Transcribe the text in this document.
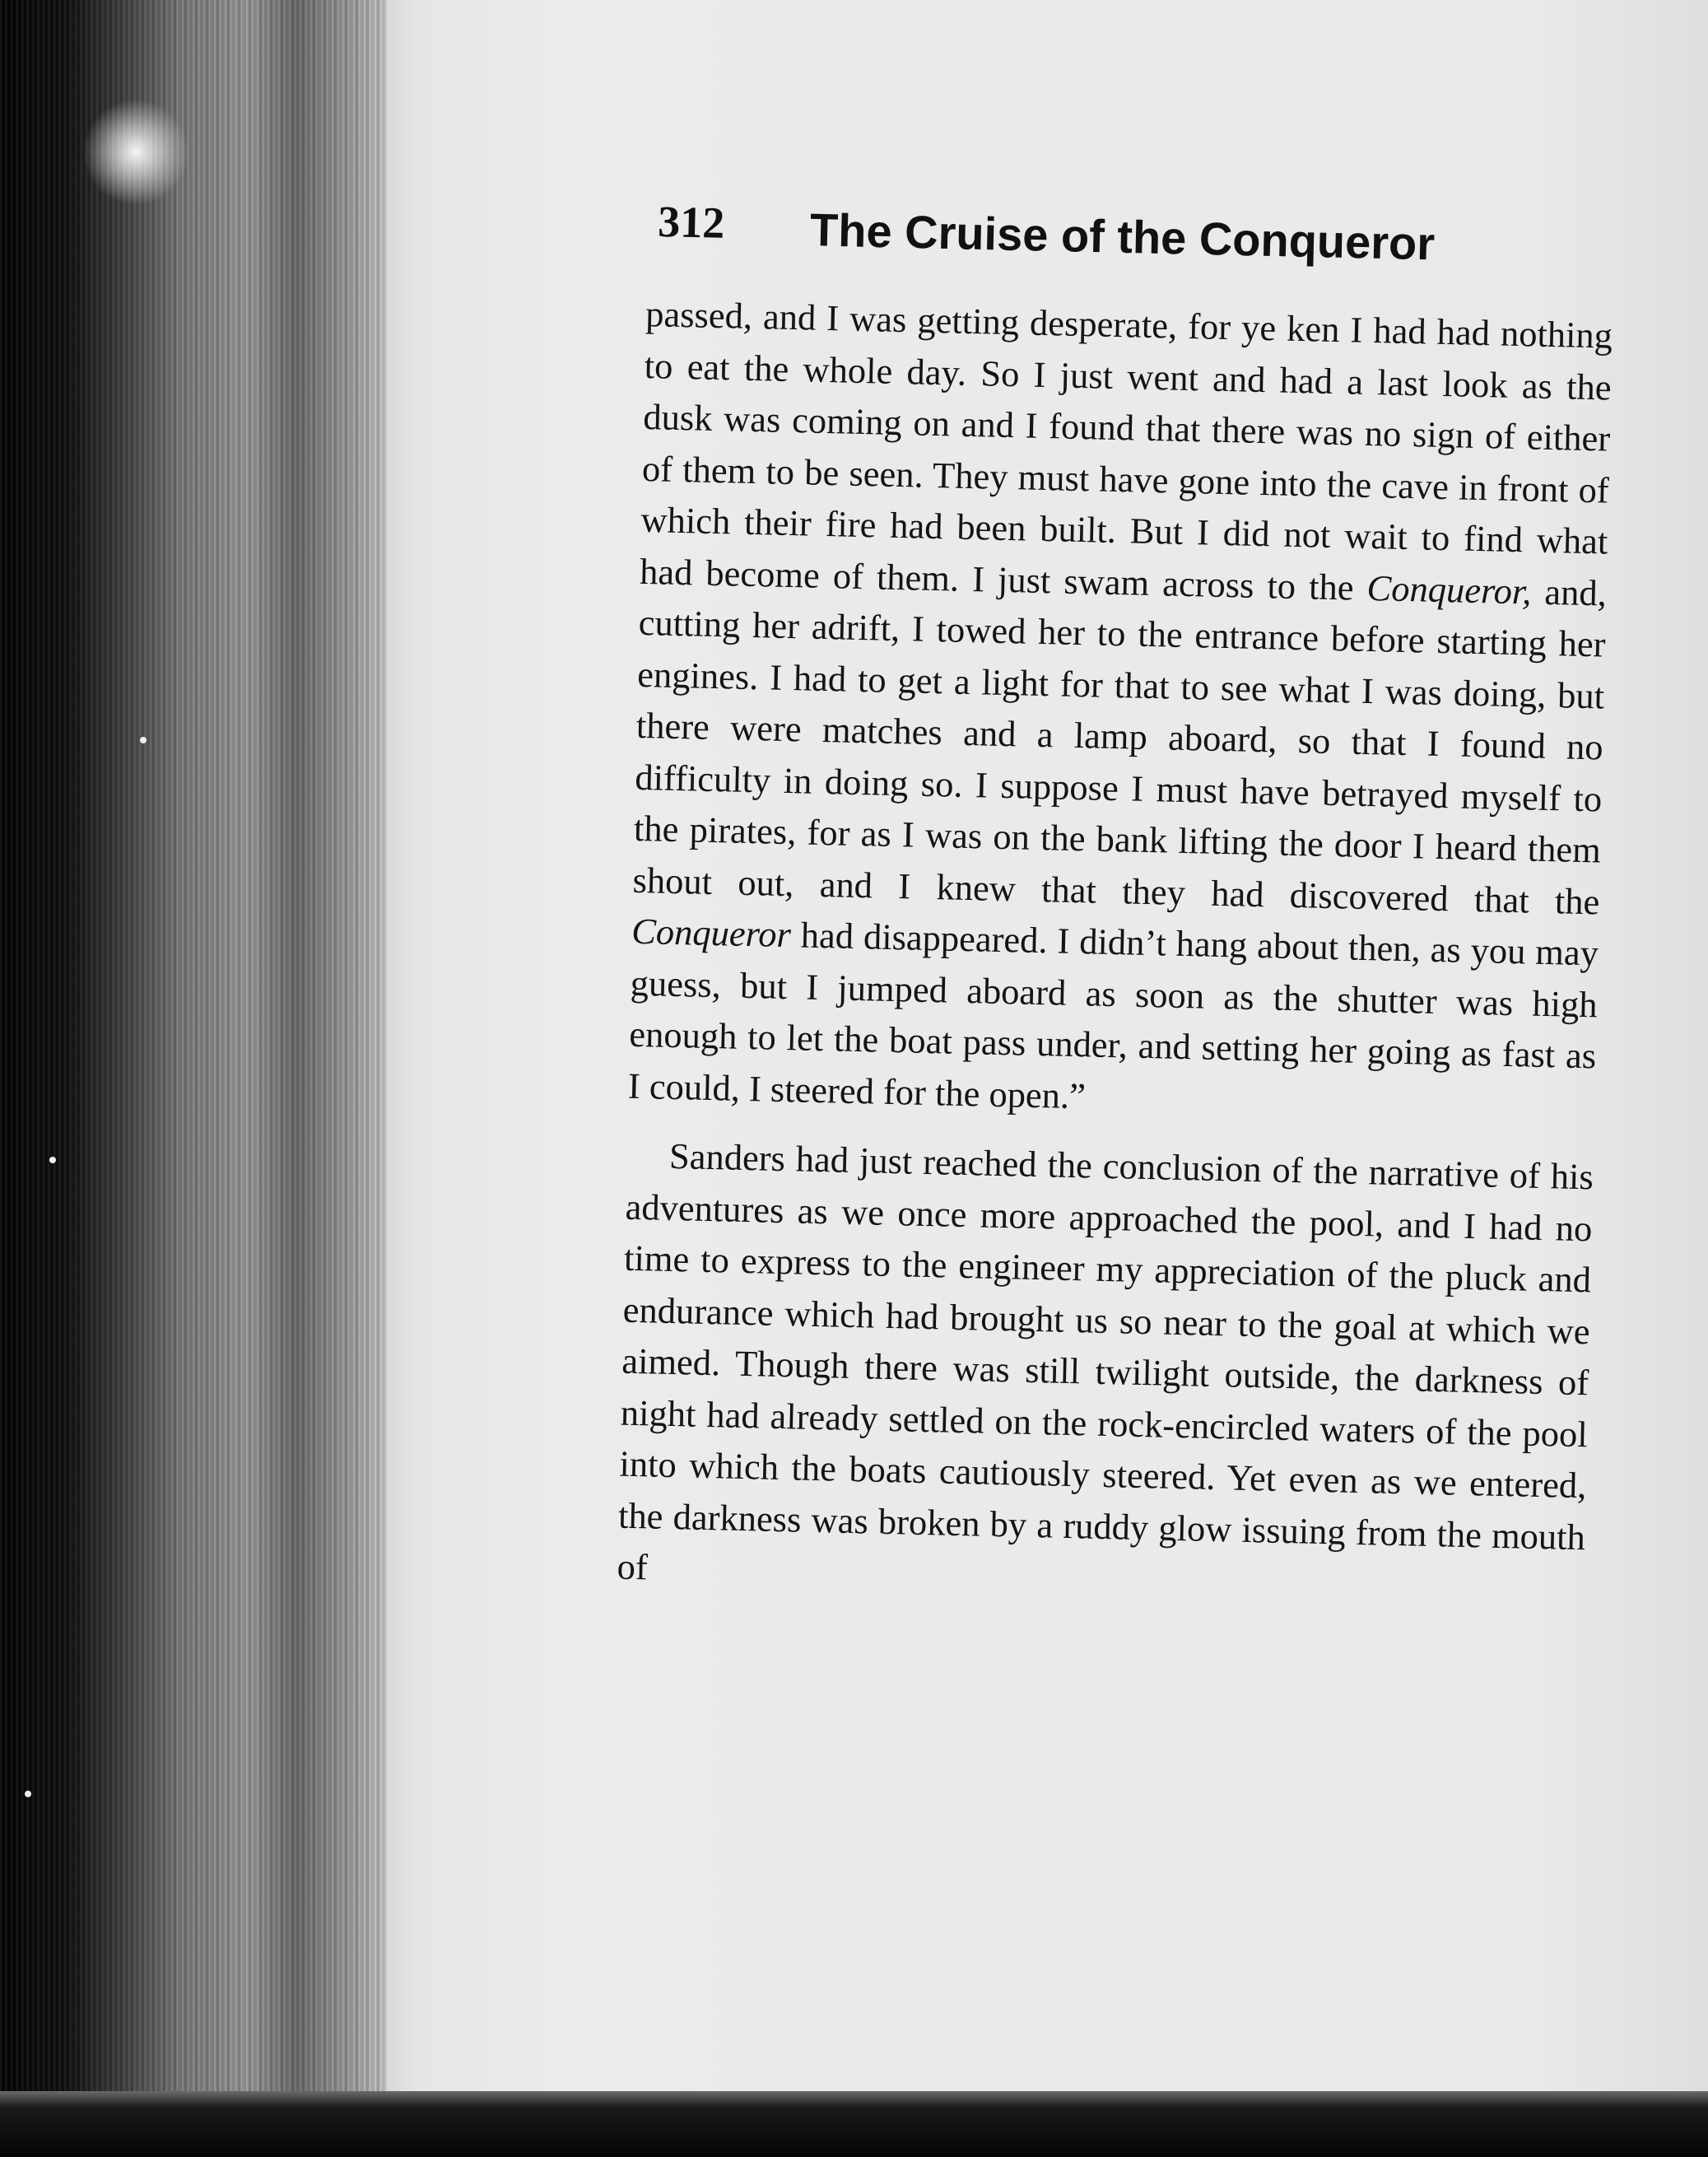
312 The Cruise of the Conqueror

passed, and I was getting desperate, for ye ken I had had nothing to eat the whole day. So I just went and had a last look as the dusk was coming on and I found that there was no sign of either of them to be seen. They must have gone into the cave in front of which their fire had been built. But I did not wait to find what had become of them. I just swam across to the Conqueror, and, cutting her adrift, I towed her to the entrance before starting her engines. I had to get a light for that to see what I was doing, but there were matches and a lamp aboard, so that I found no difficulty in doing so. I suppose I must have betrayed myself to the pirates, for as I was on the bank lifting the door I heard them shout out, and I knew that they had discovered that the Conqueror had disappeared. I didn’t hang about then, as you may guess, but I jumped aboard as soon as the shutter was high enough to let the boat pass under, and setting her going as fast as I could, I steered for the open.”

Sanders had just reached the conclusion of the narrative of his adventures as we once more approached the pool, and I had no time to express to the engineer my appreciation of the pluck and endurance which had brought us so near to the goal at which we aimed. Though there was still twilight outside, the darkness of night had already settled on the rock-encircled waters of the pool into which the boats cautiously steered. Yet even as we entered, the darkness was broken by a ruddy glow issuing from the mouth of
